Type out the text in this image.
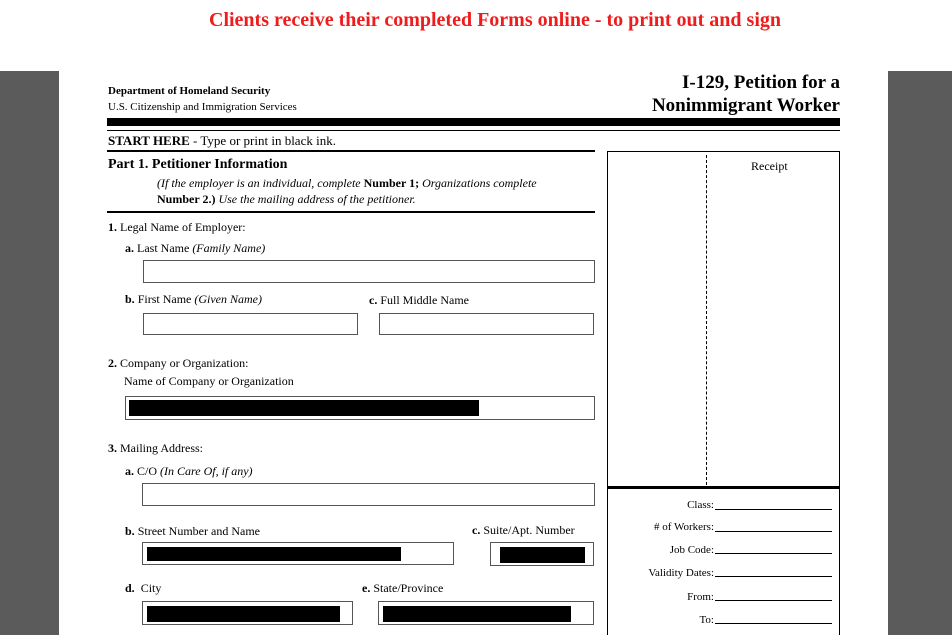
Clients receive their completed Forms online - to print out and sign
Department of Homeland Security
U.S. Citizenship and Immigration Services
I-129, Petition for a
Nonimmigrant Worker
START HERE - Type or print in black ink.
Part 1. Petitioner Information
(If the employer is an individual, complete Number 1; Organizations complete
Number 2.) Use the mailing address of the petitioner.
1. Legal Name of Employer:
a. Last Name (Family Name)
b. First Name (Given Name)	c. Full Middle Name
2. Company or Organization:
Name of Company or Organization
3. Mailing Address:
a. C/O (In Care Of, if any)
b. Street Number and Name	c. Suite/Apt. Number
d. City	e. State/Province
Receipt
Class:
# of Workers:
Job Code:
Validity Dates:
From:
To:
